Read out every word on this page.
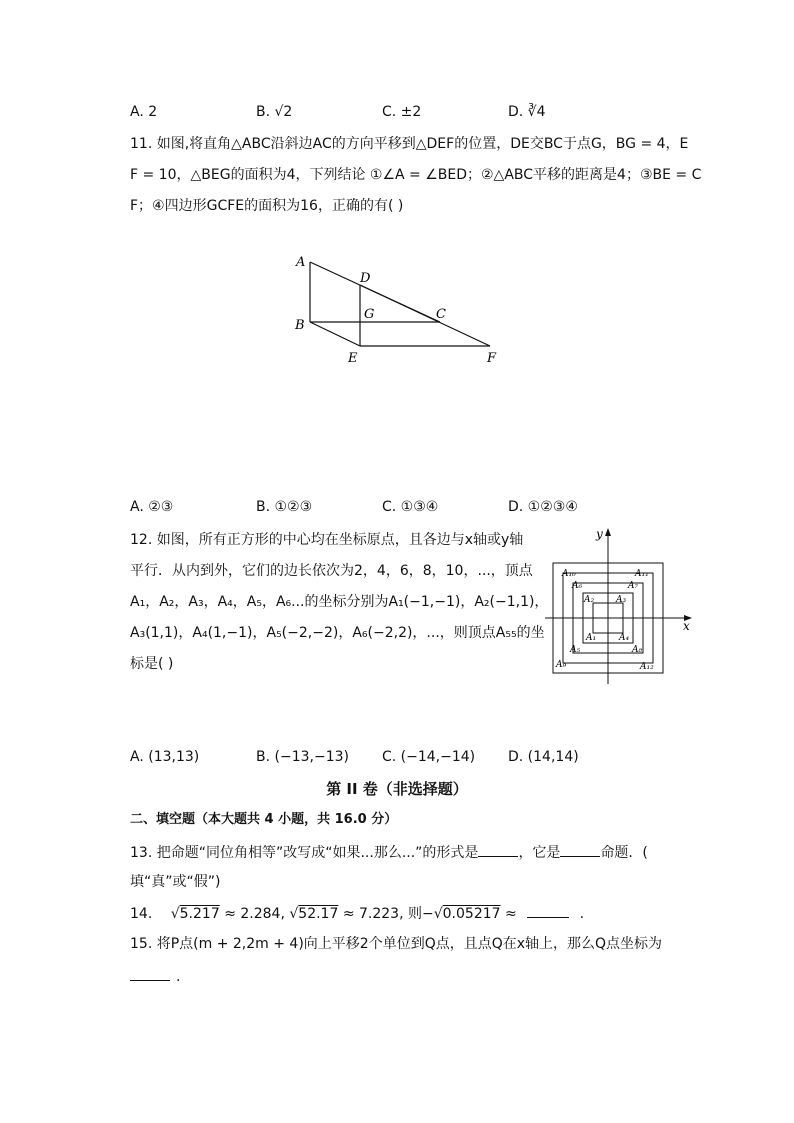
A. 2	B. √2	C. ±2	D. ∛4
11. 如图,将直角△ABC沿斜边AC的方向平移到△DEF的位置，DE交BC于点G，BG = 4，E
F = 10，△BEG的面积为4，下列结论 ①∠A = ∠BED；②△ABC平移的距离是4；③BE = C
F；④四边形GCFE的面积为16，正确的有( )
A
D
G	C
B
E	F
A. ②③	B. ①②③	C. ①③④	D. ①②③④
12. 如图，所有正方形的中心均在坐标原点，且各边与x轴或y轴
平行．从内到外，它们的边长依次为2，4，6，8，10，...，顶点
A₁，A₂，A₃，A₄，A₅，A₆...的坐标分别为A₁(−1,−1)，A₂(−1,1)，
A₃(1,1)，A₄(1,−1)，A₅(−2,−2)，A₆(−2,2)，...，则顶点A₅₅的坐
标是( )
y
x
A₁₀	A₁₁
A₆	A₇
A₂ A₃
A₁	A₄
A₅	A₈
A₉	A₁₂
A. (13,13)	B. (−13,−13) C. (−14,−14) D. (14,14)
第 II 卷（非选择题）
二、填空题（本大题共 4 小题，共 16.0 分）
13. 把命题“同位角相等”改写成“如果...那么...”的形式是	，它是	命题．(
填“真”或“假”)
14. √5.217 ≈ 2.284, √52.17 ≈ 7.223, 则−√0.05217 ≈	.
15. 将P点(m + 2,2m + 4)向上平移2个单位到Q点，且点Q在x轴上，那么Q点坐标为
.
